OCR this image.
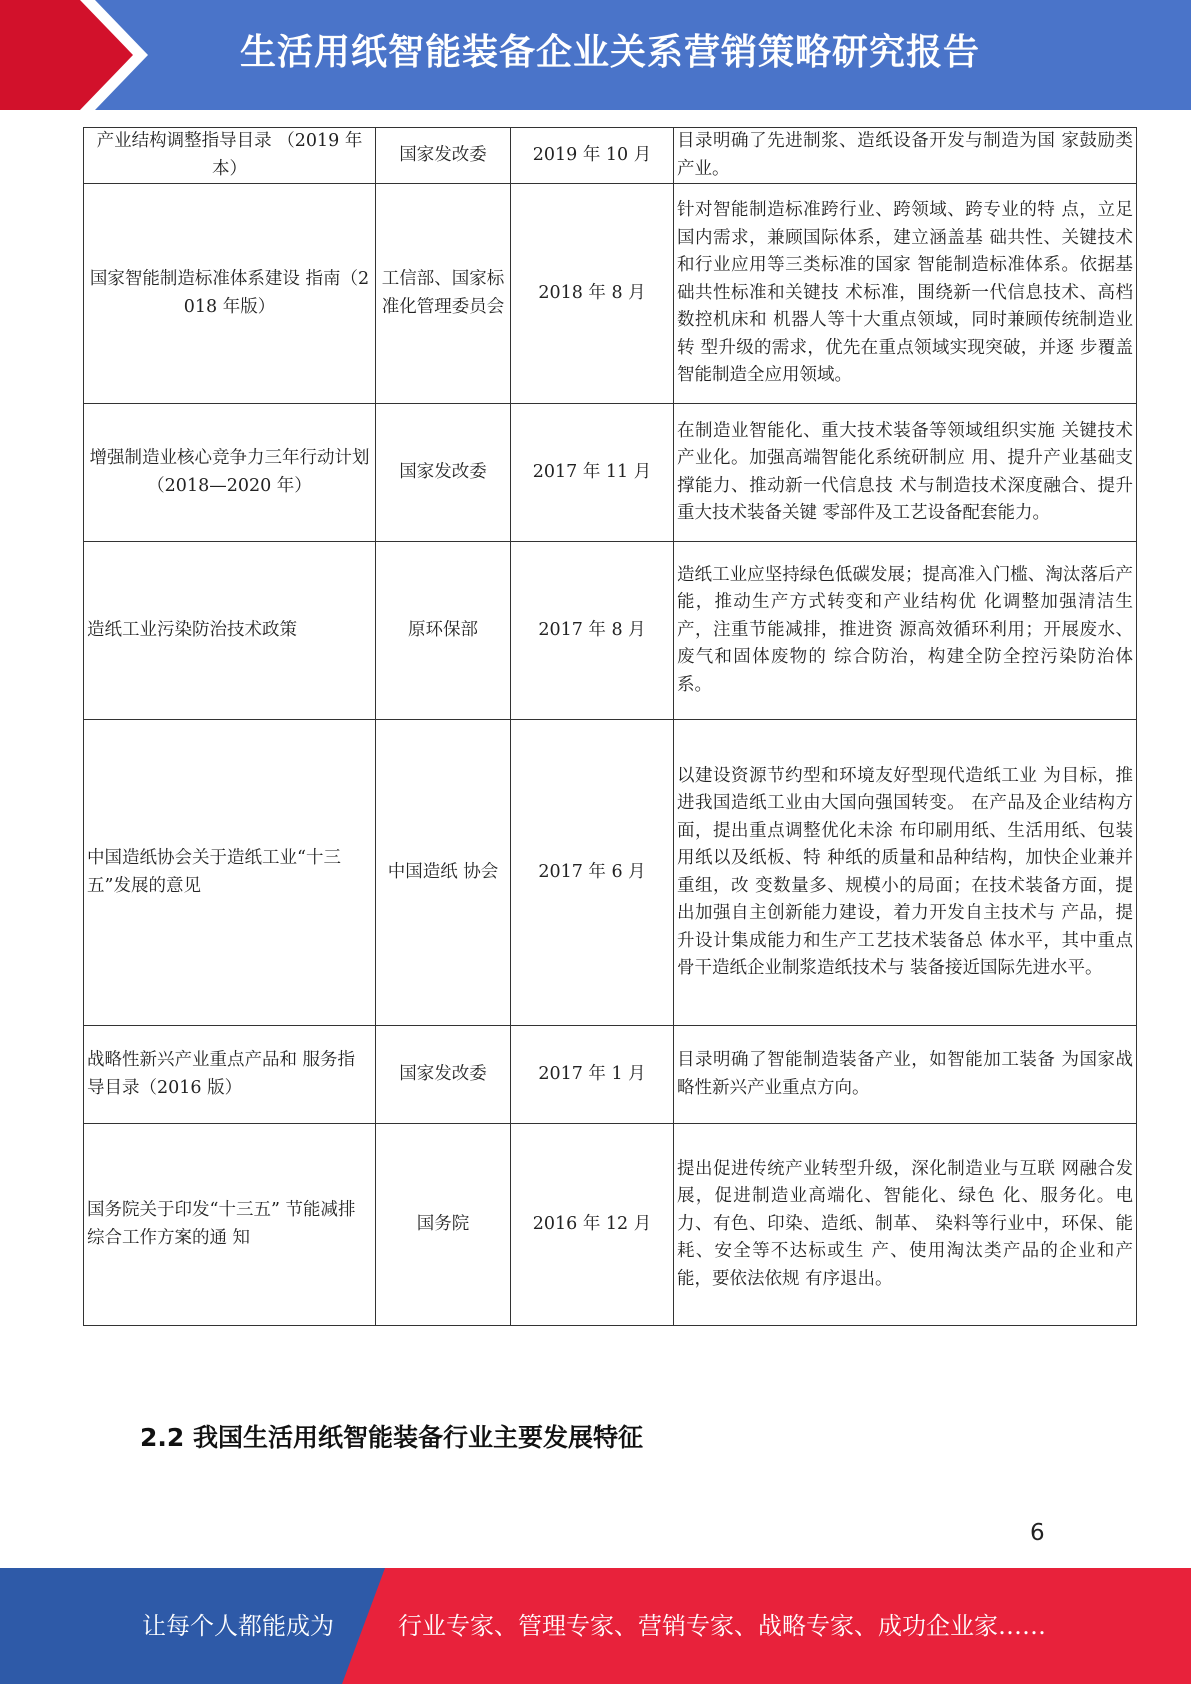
生活用纸智能装备企业关系营销策略研究报告
产业结构调整指导目录 （2019 年本）	国家发改委	2019 年 10 月	目录明确了先进制浆、造纸设备开发与制造为国 家鼓励类产业。
国家智能制造标准体系建设 指南（2018 年版）	工信部、国家标准化管理委员会	2018 年 8 月	针对智能制造标准跨行业、跨领域、跨专业的特 点，立足国内需求，兼顾国际体系，建立涵盖基 础共性、关键技术和行业应用等三类标准的国家 智能制造标准体系。依据基础共性标准和关键技 术标准，围绕新一代信息技术、高档数控机床和 机器人等十大重点领域，同时兼顾传统制造业转 型升级的需求，优先在重点领域实现突破，并逐 步覆盖智能制造全应用领域。
增强制造业核心竞争力三年行动计划（2018—2020 年）	国家发改委	2017 年 11 月	在制造业智能化、重大技术装备等领域组织实施 关键技术产业化。加强高端智能化系统研制应 用、提升产业基础支撑能力、推动新一代信息技 术与制造技术深度融合、提升重大技术装备关键 零部件及工艺设备配套能力。
造纸工业污染防治技术政策	原环保部	2017 年 8 月	造纸工业应坚持绿色低碳发展；提高准入门槛、淘汰落后产能，推动生产方式转变和产业结构优 化调整加强清洁生产，注重节能减排，推进资 源高效循环利用；开展废水、废气和固体废物的 综合防治，构建全防全控污染防治体系。
中国造纸协会关于造纸工业“十三五”发展的意见	中国造纸 协会	2017 年 6 月	以建设资源节约型和环境友好型现代造纸工业 为目标，推进我国造纸工业由大国向强国转变。 在产品及企业结构方面，提出重点调整优化未涂 布印刷用纸、生活用纸、包装用纸以及纸板、特 种纸的质量和品种结构，加快企业兼并重组，改 变数量多、规模小的局面；在技术装备方面，提 出加强自主创新能力建设，着力开发自主技术与 产品，提升设计集成能力和生产工艺技术装备总 体水平，其中重点骨干造纸企业制浆造纸技术与 装备接近国际先进水平。
战略性新兴产业重点产品和 服务指导目录（2016 版）	国家发改委	2017 年 1 月	目录明确了智能制造装备产业，如智能加工装备 为国家战略性新兴产业重点方向。
国务院关于印发“十三五” 节能减排综合工作方案的通 知	国务院	2016 年 12 月	提出促进传统产业转型升级，深化制造业与互联 网融合发展，促进制造业高端化、智能化、绿色 化、服务化。电力、有色、印染、造纸、制革、 染料等行业中，环保、能耗、安全等不达标或生 产、使用淘汰类产品的企业和产能，要依法依规 有序退出。
2.2 我国生活用纸智能装备行业主要发展特征
6
让每个人都能成为	行业专家、管理专家、营销专家、战略专家、成功企业家……
